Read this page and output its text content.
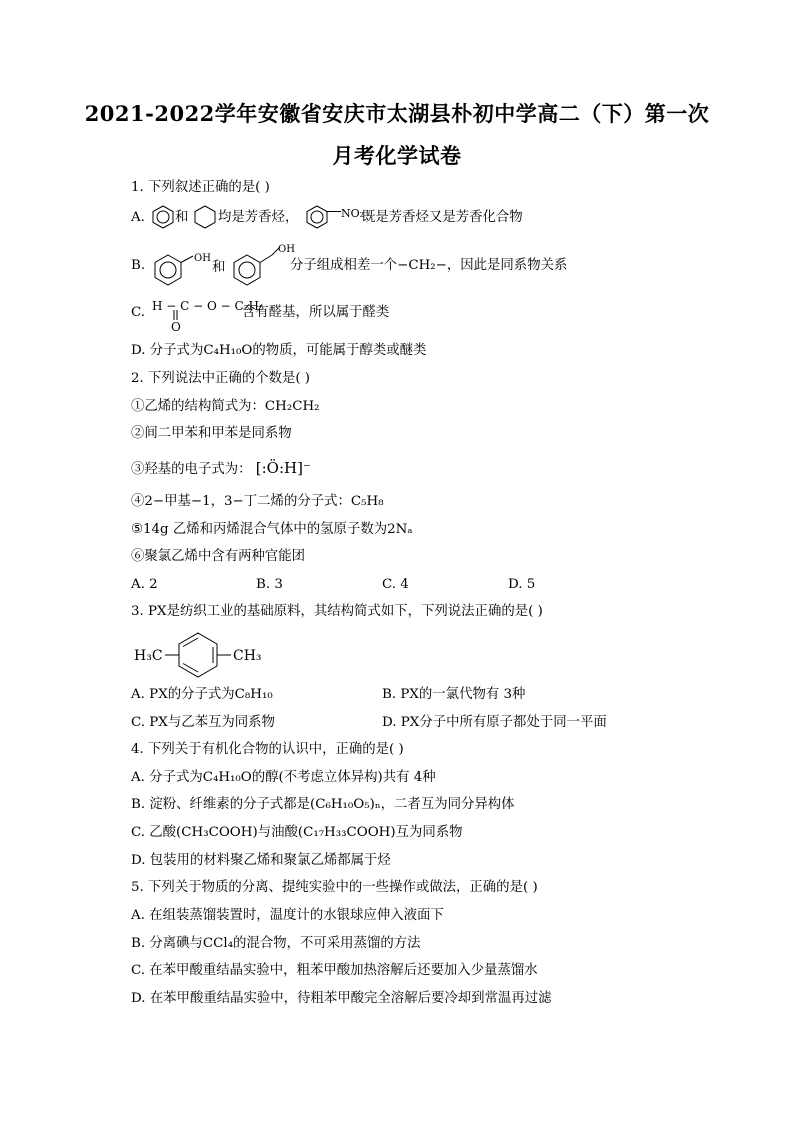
2021-2022学年安徽省安庆市太湖县朴初中学高二（下）第一次
月考化学试卷
1. 下列叙述正确的是( )
A. 和 均是芳香烃，	NO₂
既是芳香烃又是芳香化合物
B.	OH
和
OH
分子组成相差一个−CH₂−，因此是同系物关系
C. H − C − O − C₂H₅
O
含有醛基，所以属于醛类
D. 分子式为C₄H₁₀O的物质，可能属于醇类或醚类
2. 下列说法中正确的个数是( )
①乙烯的结构简式为：CH₂CH₂
②间二甲苯和甲苯是同系物
③羟基的电子式为： [:Ö:H]⁻
④2−甲基−1，3−丁二烯的分子式：C₅H₈
⑤14g 乙烯和丙烯混合气体中的氢原子数为2Nₐ
⑥聚氯乙烯中含有两种官能团
A. 2	B. 3	C. 4	D. 5
3. PX是纺织工业的基础原料，其结构简式如下，下列说法正确的是( )
H₃C	CH₃
A. PX的分子式为C₈H₁₀	B. PX的一氯代物有 3种
C. PX与乙苯互为同系物	D. PX分子中所有原子都处于同一平面
4. 下列关于有机化合物的认识中，正确的是( )
A. 分子式为C₄H₁₀O的醇(不考虑立体异构)共有 4种
B. 淀粉、纤维素的分子式都是(C₆H₁₀O₅)ₙ，二者互为同分异构体
C. 乙酸(CH₃COOH)与油酸(C₁₇H₃₃COOH)互为同系物
D. 包装用的材料聚乙烯和聚氯乙烯都属于烃
5. 下列关于物质的分离、提纯实验中的一些操作或做法，正确的是( )
A. 在组装蒸馏装置时，温度计的水银球应伸入液面下
B. 分离碘与CCl₄的混合物，不可采用蒸馏的方法
C. 在苯甲酸重结晶实验中，粗苯甲酸加热溶解后还要加入少量蒸馏水
D. 在苯甲酸重结晶实验中，待粗苯甲酸完全溶解后要冷却到常温再过滤
